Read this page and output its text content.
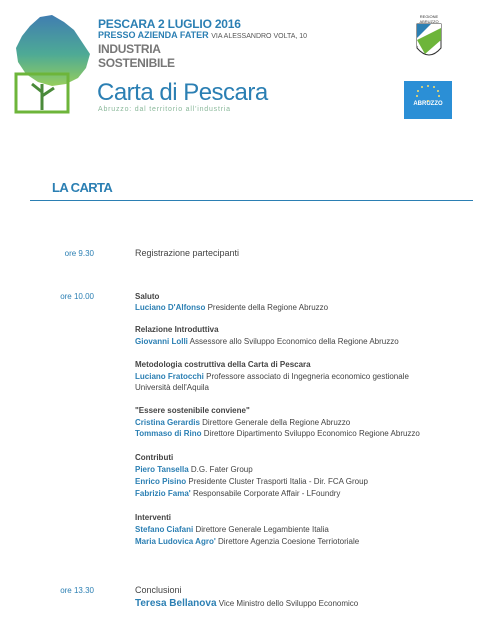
PESCARA 2 LUGLIO 2016
PRESSO AZIENDA FATER VIA ALESSANDRO VOLTA, 10
INDUSTRIA
SOSTENIBILE
Carta di Pescara
Abruzzo: dal territorio all'industria
REGIONE ABRUZZO
ABRUZZO
LA CARTA
ore 9.30	Registrazione partecipanti
ore 10.00	Saluto
Luciano D'Alfonso Presidente della Regione Abruzzo
Relazione Introduttiva
Giovanni Lolli Assessore allo Sviluppo Economico della Regione Abruzzo
Metodologia costruttiva della Carta di Pescara
Luciano Fratocchi Professore associato di Ingegneria economico gestionale
Università dell'Aquila
"Essere sostenibile conviene"
Cristina Gerardis Direttore Generale della Regione Abruzzo
Tommaso di Rino Direttore Dipartimento Sviluppo Economico Regione Abruzzo
Contributi
Piero Tansella D.G. Fater Group
Enrico Pisino Presidente Cluster Trasporti Italia - Dir. FCA Group
Fabrizio Fama' Responsabile Corporate Affair - LFoundry
Interventi
Stefano Ciafani Direttore Generale Legambiente Italia
Maria Ludovica Agro' Direttore Agenzia Coesione Terriotoriale
ore 13.30	Conclusioni
Teresa Bellanova Vice Ministro dello Sviluppo Economico
